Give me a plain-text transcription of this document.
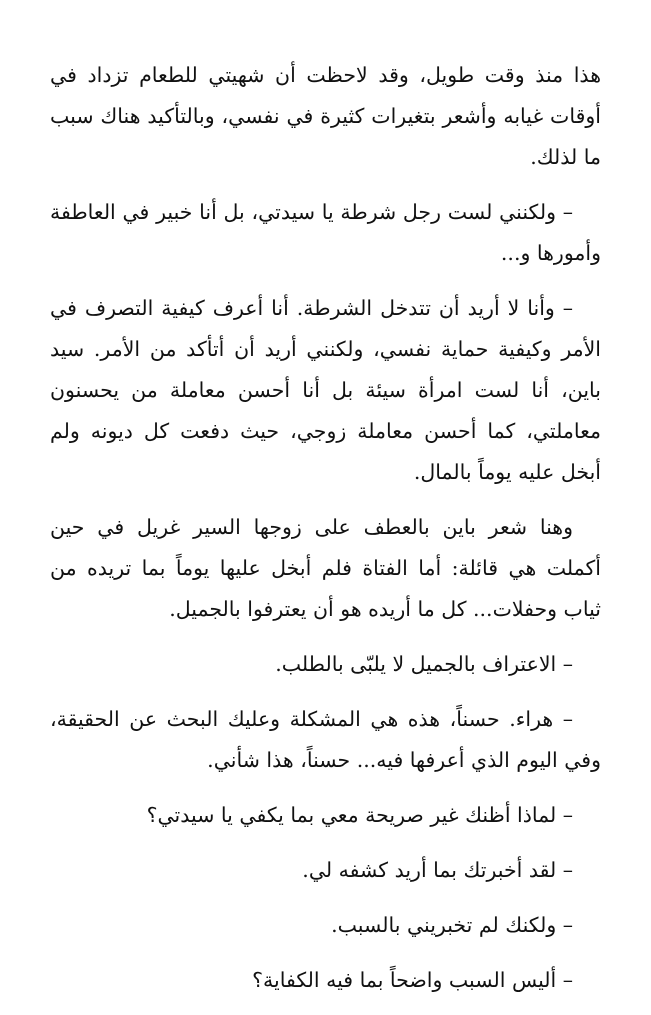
هذا منذ وقت طويل، وقد لاحظت أن شهيتي للطعام تزداد في أوقات غيابه وأشعر بتغيرات كثيرة في نفسي، وبالتأكيد هناك سبب ما لذلك.

– ولكنني لست رجل شرطة يا سيدتي، بل أنا خبير في العاطفة وأمورها و...

– وأنا لا أريد أن تتدخل الشرطة. أنا أعرف كيفية التصرف في الأمر وكيفية حماية نفسي، ولكنني أريد أن أتأكد من الأمر. سيد باين، أنا لست امرأة سيئة بل أنا أحسن معاملة من يحسنون معاملتي، كما أحسن معاملة زوجي، حيث دفعت كل ديونه ولم أبخل عليه يوماً بالمال.

وهنا شعر باين بالعطف على زوجها السير غريل في حين أكملت هي قائلة: أما الفتاة فلم أبخل عليها يوماً بما تريده من ثياب وحفلات... كل ما أريده هو أن يعترفوا بالجميل.

– الاعتراف بالجميل لا يلبّى بالطلب.

– هراء. حسناً، هذه هي المشكلة وعليك البحث عن الحقيقة، وفي اليوم الذي أعرفها فيه... حسناً، هذا شأني.

– لماذا أظنك غير صريحة معي بما يكفي يا سيدتي؟

– لقد أخبرتك بما أريد كشفه لي.

– ولكنك لم تخبريني بالسبب.

– أليس السبب واضحاً بما فيه الكفاية؟
